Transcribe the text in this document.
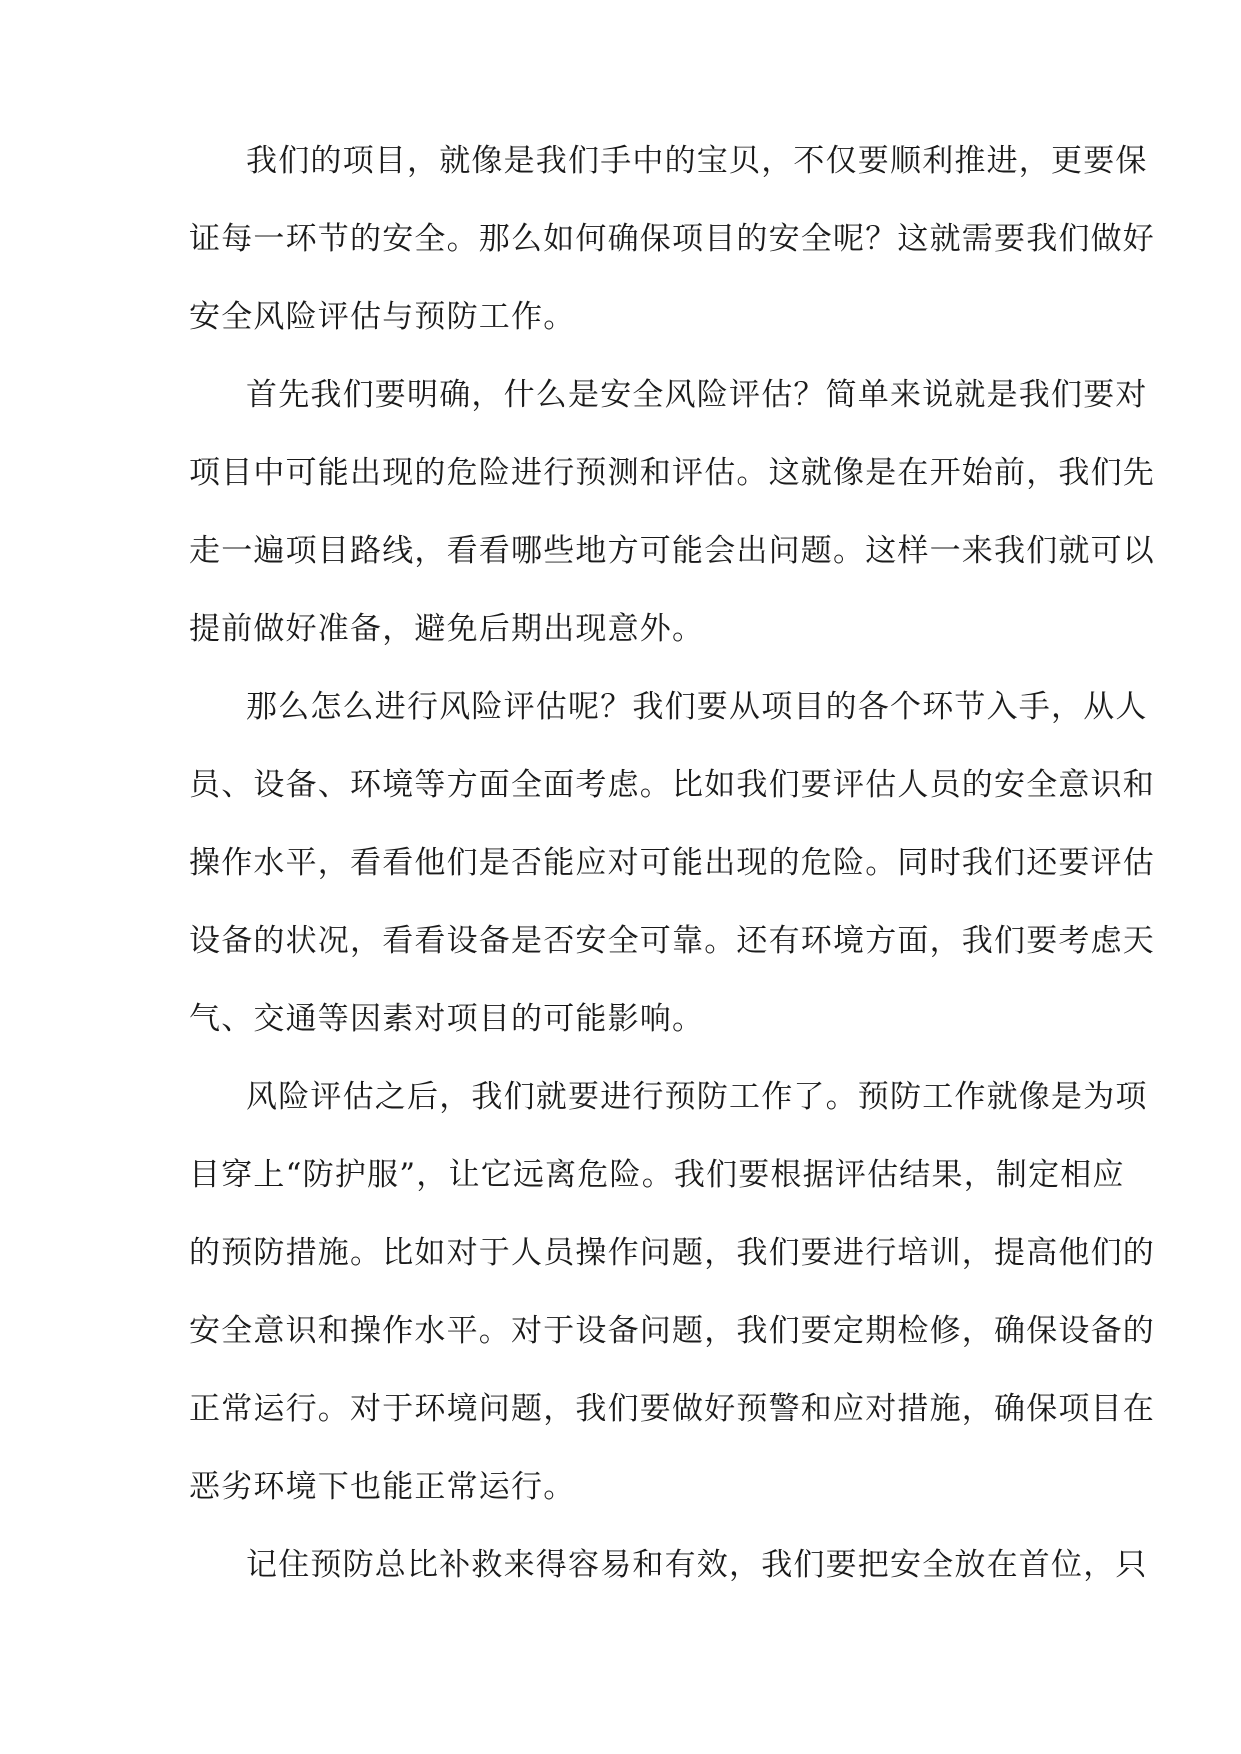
我们的项目，就像是我们手中的宝贝，不仅要顺利推进，更要保
证每一环节的安全。那么如何确保项目的安全呢？这就需要我们做好
安全风险评估与预防工作。
首先我们要明确，什么是安全风险评估？简单来说就是我们要对
项目中可能出现的危险进行预测和评估。这就像是在开始前，我们先
走一遍项目路线，看看哪些地方可能会出问题。这样一来我们就可以
提前做好准备，避免后期出现意外。
那么怎么进行风险评估呢？我们要从项目的各个环节入手，从人
员、设备、环境等方面全面考虑。比如我们要评估人员的安全意识和
操作水平，看看他们是否能应对可能出现的危险。同时我们还要评估
设备的状况，看看设备是否安全可靠。还有环境方面，我们要考虑天
气、交通等因素对项目的可能影响。
风险评估之后，我们就要进行预防工作了。预防工作就像是为项
目穿上“防护服”，让它远离危险。我们要根据评估结果，制定相应
的预防措施。比如对于人员操作问题，我们要进行培训，提高他们的
安全意识和操作水平。对于设备问题，我们要定期检修，确保设备的
正常运行。对于环境问题，我们要做好预警和应对措施，确保项目在
恶劣环境下也能正常运行。
记住预防总比补救来得容易和有效，我们要把安全放在首位，只
